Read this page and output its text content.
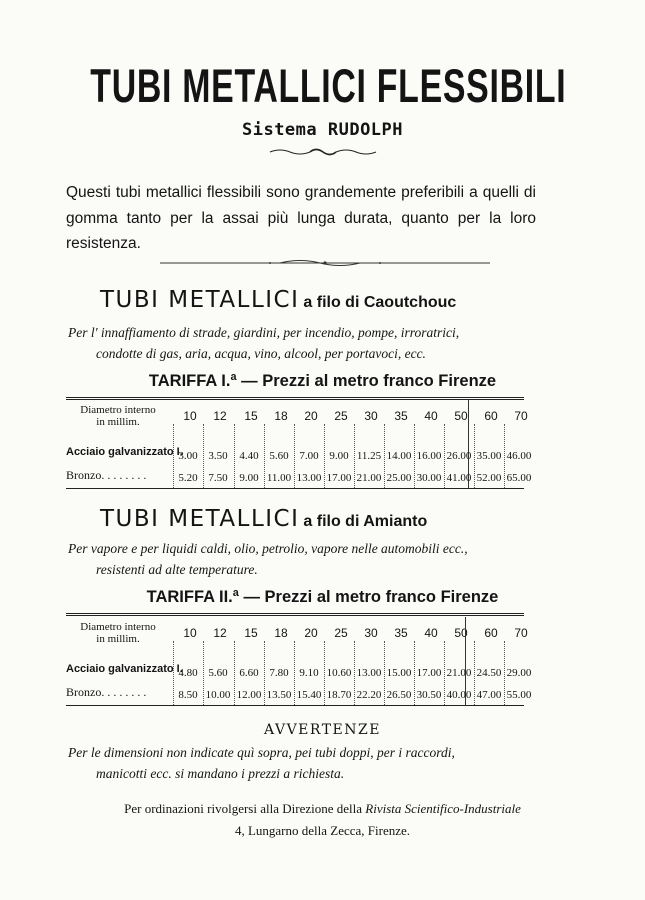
TUBI METALLICI FLESSIBILI
Sistema RUDOLPH
Questi tubi metallici flessibili sono grandemente preferibili a quelli di gomma tanto per la assai più lunga durata, quanto per la loro resistenza.
TUBI METALLICI a filo di Caoutchouc
Per l' innaffiamento di strade, giardini, per incendio, pompe, irroratrici,
condotte di gas, aria, acqua, vino, alcool, per portavoci, ecc.
TARIFFA I.ª — Prezzi al metro franco Firenze
Diametro interno
in millim.	10	12	15	18	20	25	30	35	40	50	60	70
Acciaio galvanizzato I.
3.00 3.50	4.40 5.60 7.00 9.00 11.25 14.00 16.00 26.00 35.00 46.00
Bronzo. . . . . . . .	5.20 7.50	9.00 11.00 13.00 17.00 21.00 25.00 30.00 41.00 52.00 65.00
TUBI METALLICI a filo di Amianto
Per vapore e per liquidi caldi, olio, petrolio, vapore nelle automobili ecc.,
resistenti ad alte temperature.
TARIFFA II.ª — Prezzi al metro franco Firenze
Diametro interno
in millim.	10	12	15	18	20	25	30	35	40	50	60	70
Acciaio galvanizzato I.
4.80 5.60	6.60 7.80 9.10 10.60 13.00 15.00 17.00 21.00 24.50 29.00
Bronzo. . . . . . . .	8.50 10.00 12.00 13.50 15.40 18.70 22.20 26.50 30.50 40.00 47.00 55.00
AVVERTENZE
Per le dimensioni non indicate quì sopra, pei tubi doppi, per i raccordi,
manicotti ecc. si mandano i prezzi a richiesta.
Per ordinazioni rivolgersi alla Direzione della Rivista Scientifico-Industriale
4, Lungarno della Zecca, Firenze.
